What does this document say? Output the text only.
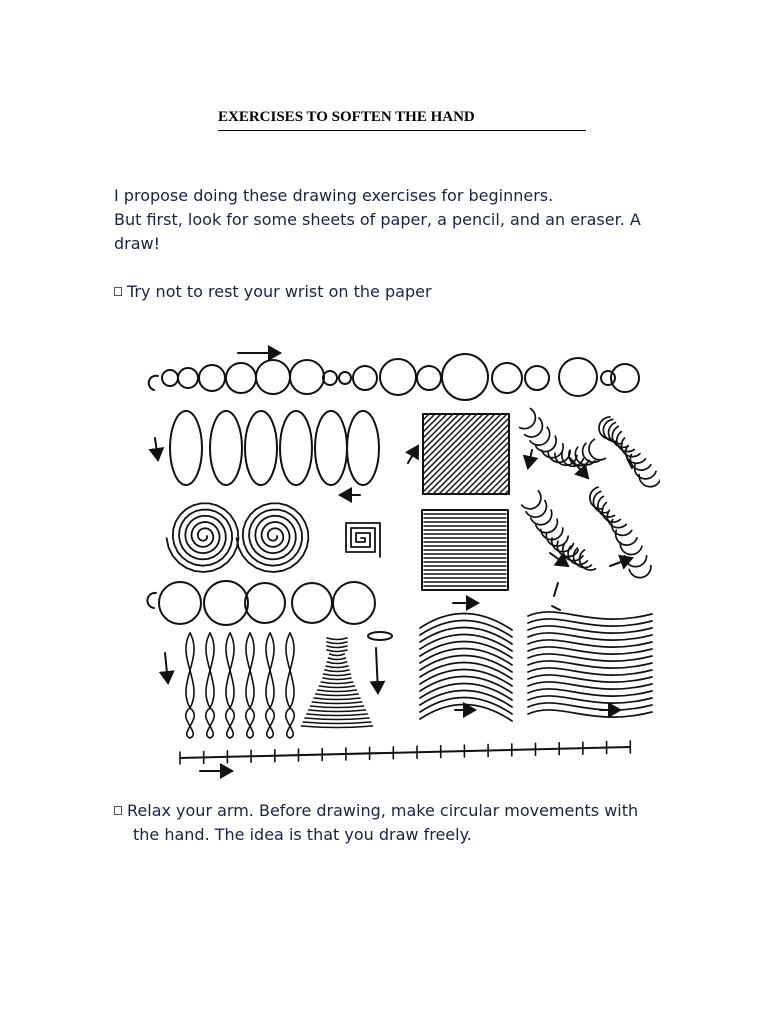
EXERCISES TO SOFTEN THE HAND

I propose doing these drawing exercises for beginners.

But first, look for some sheets of paper, a pencil, and an eraser. A

draw!

Try not to rest your wrist on the paper
Relax your arm. Before drawing, make circular movements with
the hand. The idea is that you draw freely.
